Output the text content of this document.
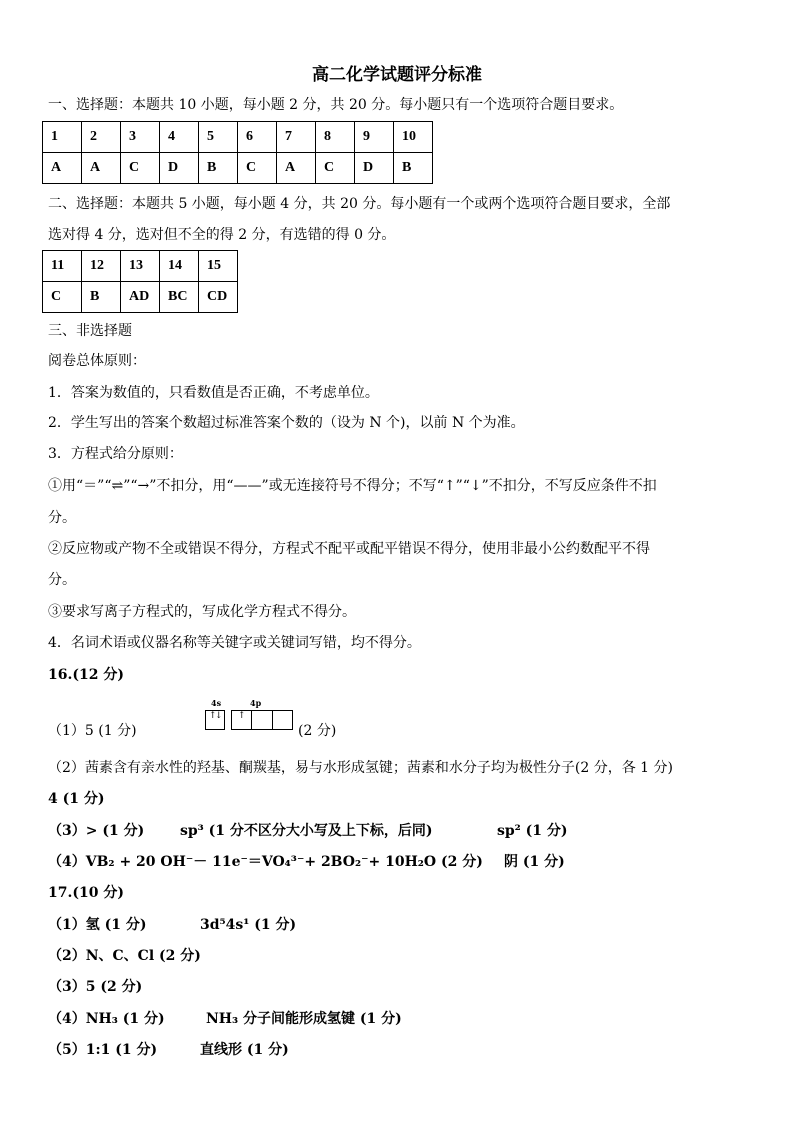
高二化学试题评分标准
一、选择题：本题共 10 小题，每小题 2 分，共 20 分。每小题只有一个选项符合题目要求。
1	2	3	4	5	6	7	8	9	10
A	A	C	D	B	C	A	C	D	B
二、选择题：本题共 5 小题，每小题 4 分，共 20 分。每小题有一个或两个选项符合题目要求，全部
选对得 4 分，选对但不全的得 2 分，有选错的得 0 分。
11	12	13	14	15
C	B	AD	BC	CD
三、非选择题
阅卷总体原则：
1．答案为数值的，只看数值是否正确，不考虑单位。
2．学生写出的答案个数超过标准答案个数的（设为 N 个)，以前 N 个为准。
3．方程式给分原则：
①用“＝”“⇌”“→”不扣分，用“——”或无连接符号不得分；不写“↑”“↓”不扣分，不写反应条件不扣
分。
②反应物或产物不全或错误不得分，方程式不配平或配平错误不得分，使用非最小公约数配平不得
分。
③要求写离子方程式的，写成化学方程式不得分。
4．名词术语或仪器名称等关键字或关键词写错，均不得分。
16.(12 分)
（1）5 (1 分)
4s	4p
↑
↓ ↑
(2 分)
（2）茜素含有亲水性的羟基、酮羰基，易与水形成氢键；茜素和水分子均为极性分子(2 分，各 1 分)
4 (1 分)
（3）> (1 分)	sp³ (1 分不区分大小写及上下标，后同)	sp² (1 分)
（4）VB₂ + 20 OH⁻－ 11e⁻＝VO₄³⁻+ 2BO₂⁻+ 10H₂O (2 分) 阴 (1 分)
17.(10 分)
（1）氢 (1 分)	3d⁵4s¹ (1 分)
（2）N、C、Cl (2 分)
（3）5 (2 分)
（4）NH₃ (1 分)	NH₃ 分子间能形成氢键 (1 分)
（5）1:1 (1 分)	直线形 (1 分)
